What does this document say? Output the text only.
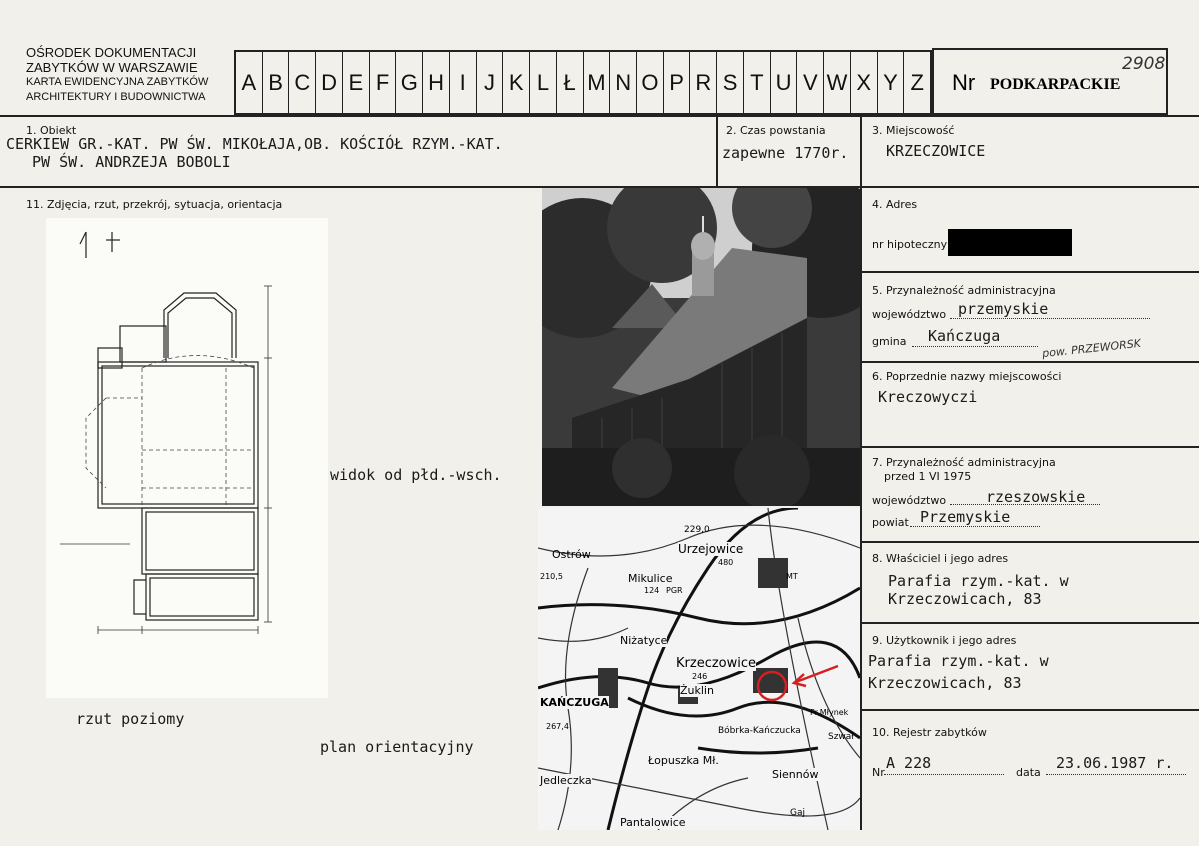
OŚRODEK DOKUMENTACJI
ZABYTKÓW W WARSZAWIE
KARTA EWIDENCYJNA ZABYTKÓW
ARCHITEKTURY I BUDOWNICTWA
A B C D E F G H I J K L Ł M N O P R S T U V W X Y Z Nr PODKARPACKIE
2908
1. Obiekt
CERKIEW GR.-KAT. PW ŚW. MIKOŁAJA,OB. KOŚCIÓŁ RZYM.-KAT.
PW ŚW. ANDRZEJA BOBOLI
2. Czas powstania
zapewne 1770r.
3. Miejscowość
KRZECZOWICE
4. Adres
nr hipoteczny
5. Przynależność administracyjna
województwo przemyskie
gmina Kańczuga
pow. PRZEWORSK
6. Poprzednie nazwy miejscowości
Kreczowyczi
7. Przynależność administracyjna
przed 1 VI 1975
województwo	rzeszowskie
powiat Przemyskie
8. Właściciel i jego adres
Parafia rzym.-kat. w
Krzeczowicach, 83
9. Użytkownik i jego adres
Parafia rzym.-kat. w
Krzeczowicach, 83
10. Rejestr zabytków
Nr
A 228
data
23.06.1987 r.
11. Zdjęcia, rzut, przekrój, sytuacja, orientacja
rzut poziomy
widok od płd.-wsch.
229,0
Ostrów	Urzejowice
480
210,5	Mikulice
124 PGR
Niżatyce
Krzeczowice
246
Żuklin
KAŃCZUGA
267,4	Bóbrka-Kańczucka
Łopuszka Mł.
Siennów
Szwał
Pr.Młynek
Jedleczka
Pantalowice
Gaj
MT
plan orientacyjny
